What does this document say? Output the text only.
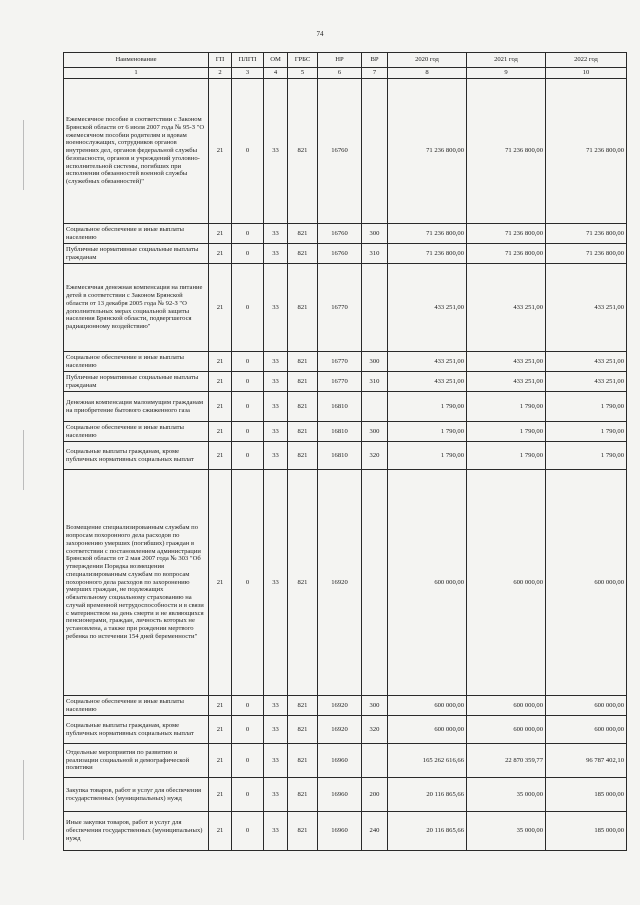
74
Наименование	ГП	ПЛГП	ОМ	ГРБС	НР	ВР	2020 год	2021 год	2022 год
1	2	3	4	5	6	7	8	9	10
Ежемесячное пособие в соответствии с Законом Брянской области от 6 июля 2007 года № 95-З "О ежемесячном пособии родителям и вдовам военнослужащих, сотрудников органов внутренних дел, органов федеральной службы безопасности, органов и учреждений уголовно-исполнительной системы, погибших при исполнении обязанностей военной службы (служебных обязанностей)"	21	0	33	821	16760		71 236 800,00	71 236 800,00	71 236 800,00
Социальное обеспечение и иные выплаты населению	21	0	33	821	16760	300	71 236 800,00	71 236 800,00	71 236 800,00
Публичные нормативные социальные выплаты гражданам	21	0	33	821	16760	310	71 236 800,00	71 236 800,00	71 236 800,00
Ежемесячная денежная компенсация на питание детей в соответствии с Законом Брянской области от 13 декабря 2005 года № 92-З "О дополнительных мерах социальной защиты населения Брянской области, подвергшегося радиационному воздействию"	21	0	33	821	16770		433 251,00	433 251,00	433 251,00
Социальное обеспечение и иные выплаты населению	21	0	33	821	16770	300	433 251,00	433 251,00	433 251,00
Публичные нормативные социальные выплаты гражданам	21	0	33	821	16770	310	433 251,00	433 251,00	433 251,00
Денежная компенсация малоимущим гражданам на приобретение бытового сжиженного газа	21	0	33	821	16810		1 790,00	1 790,00	1 790,00
Социальное обеспечение и иные выплаты населению	21	0	33	821	16810	300	1 790,00	1 790,00	1 790,00
Социальные выплаты гражданам, кроме публичных нормативных социальных выплат	21	0	33	821	16810	320	1 790,00	1 790,00	1 790,00
Возмещение специализированным службам по вопросам похоронного дела расходов по захоронению умерших (погибших) граждан в соответствии с постановлением администрации Брянской области от 2 мая 2007 года № 303 "Об утверждении Порядка возмещения специализированным службам по вопросам похоронного дела расходов по захоронению умерших граждан, не подлежащих обязательному социальному страхованию на случай временной нетрудоспособности и в связи с материнством на день смерти и не являющихся пенсионерами, граждан, личность которых не установлена, а также при рождении мертвого ребенка по истечении 154 дней беременности"	21	0	33	821	16920		600 000,00	600 000,00	600 000,00
Социальное обеспечение и иные выплаты населению	21	0	33	821	16920	300	600 000,00	600 000,00	600 000,00
Социальные выплаты гражданам, кроме публичных нормативных социальных выплат	21	0	33	821	16920	320	600 000,00	600 000,00	600 000,00
Отдельные мероприятия по развитию и реализации социальной и демографической политики	21	0	33	821	16960		165 262 616,66	22 870 359,77	96 787 402,10
Закупка товаров, работ и услуг для обеспечения государственных (муниципальных) нужд	21	0	33	821	16960	200	20 116 865,66	35 000,00	185 000,00
Иные закупки товаров, работ и услуг для обеспечения государственных (муниципальных) нужд	21	0	33	821	16960	240	20 116 865,66	35 000,00	185 000,00
